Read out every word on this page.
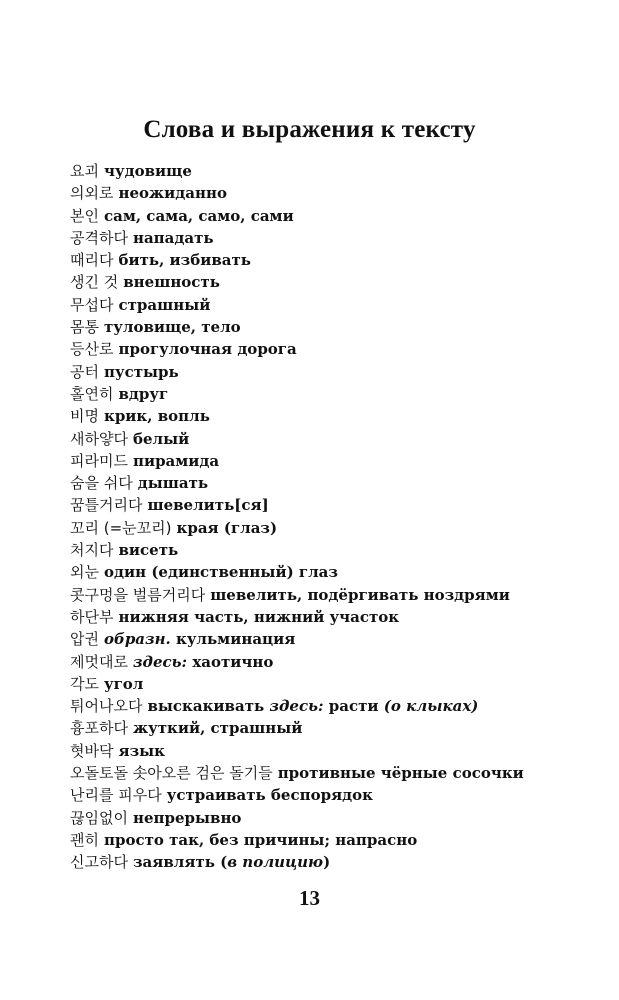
Слова и выражения к тексту
요괴 чудовище
의외로 неожиданно
본인 сам, сама, само, сами
공격하다 нападать
때리다 бить, избивать
생긴 것 внешность
무섭다 страшный
몸통 туловище, тело
등산로 прогулочная дорога
공터 пустырь
홀연히 вдруг
비명 крик, вопль
새하얗다 белый
피라미드 пирамида
숨을 쉬다 дышать
꿈틀거리다 шевелить[ся]
꼬리 (=눈꼬리) края (глаз)
처지다 висеть
외눈 один (единственный) глаз
콧구멍을 벌름거리다 шевелить, подёргивать ноздрями
하단부 нижняя часть, нижний участок
압권 образн. кульминация
제멋대로 здесь: хаотично
각도 угол
튀어나오다 выскакивать здесь: расти (о клыках)
흉포하다 жуткий, страшный
혓바닥 язык
오돌토돌 솟아오른 검은 돌기들 противные чёрные сосочки
난리를 피우다 устраивать беспорядок
끊임없이 непрерывно
괜히 просто так, без причины; напрасно
신고하다 заявлять (в полицию)
13
